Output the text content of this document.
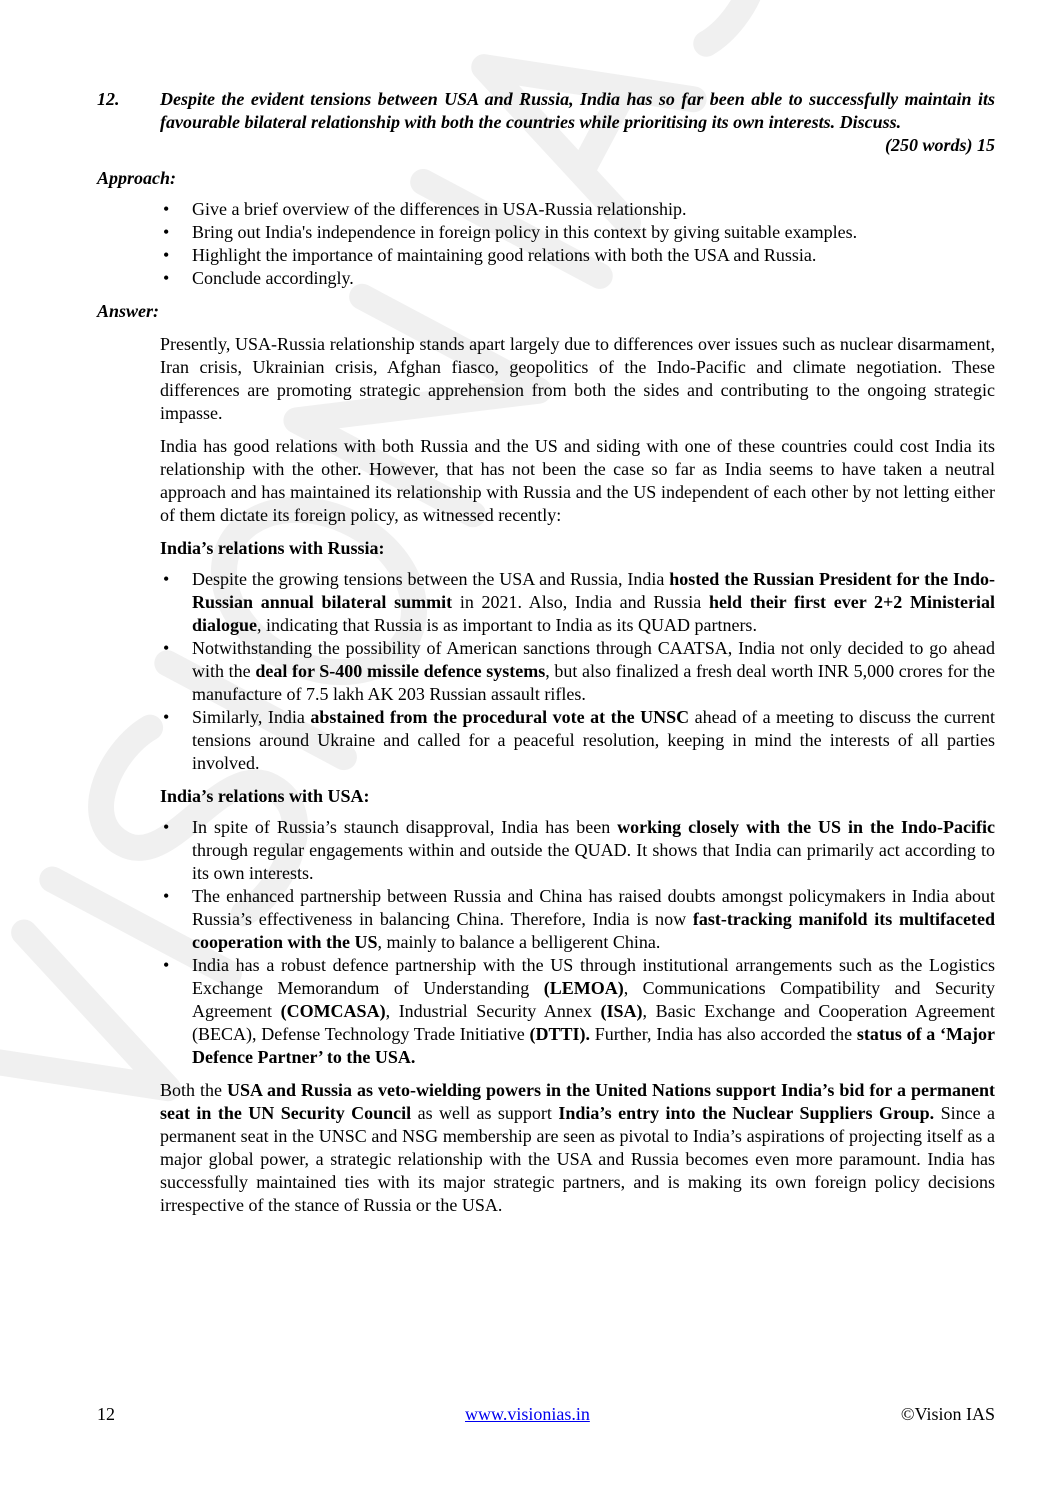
12.	Despite the evident tensions between USA and Russia, India has so far been able to successfully maintain its favourable bilateral relationship with both the countries while prioritising its own interests. Discuss.
(250 words) 15
Approach:
• Give a brief overview of the differences in USA-Russia relationship.
• Bring out India's independence in foreign policy in this context by giving suitable examples.
• Highlight the importance of maintaining good relations with both the USA and Russia.
• Conclude accordingly.
Answer:
Presently, USA-Russia relationship stands apart largely due to differences over issues such as nuclear disarmament, Iran crisis, Ukrainian crisis, Afghan fiasco, geopolitics of the Indo-Pacific and climate negotiation. These differences are promoting strategic apprehension from both the sides and contributing to the ongoing strategic impasse.
India has good relations with both Russia and the US and siding with one of these countries could cost India its relationship with the other. However, that has not been the case so far as India seems to have taken a neutral approach and has maintained its relationship with Russia and the US independent of each other by not letting either of them dictate its foreign policy, as witnessed recently:
India’s relations with Russia:
• Despite the growing tensions between the USA and Russia, India hosted the Russian President for the Indo-Russian annual bilateral summit in 2021. Also, India and Russia held their first ever 2+2 Ministerial dialogue, indicating that Russia is as important to India as its QUAD partners.
• Notwithstanding the possibility of American sanctions through CAATSA, India not only decided to go ahead with the deal for S-400 missile defence systems, but also finalized a fresh deal worth INR 5,000 crores for the manufacture of 7.5 lakh AK 203 Russian assault rifles.
• Similarly, India abstained from the procedural vote at the UNSC ahead of a meeting to discuss the current tensions around Ukraine and called for a peaceful resolution, keeping in mind the interests of all parties involved.
India’s relations with USA:
• In spite of Russia’s staunch disapproval, India has been working closely with the US in the Indo-Pacific through regular engagements within and outside the QUAD. It shows that India can primarily act according to its own interests.
• The enhanced partnership between Russia and China has raised doubts amongst policymakers in India about Russia’s effectiveness in balancing China. Therefore, India is now fast-tracking manifold its multifaceted cooperation with the US, mainly to balance a belligerent China.
• India has a robust defence partnership with the US through institutional arrangements such as the Logistics Exchange Memorandum of Understanding (LEMOA), Communications Compatibility and Security Agreement (COMCASA), Industrial Security Annex (ISA), Basic Exchange and Cooperation Agreement (BECA), Defense Technology Trade Initiative (DTTI). Further, India has also accorded the status of a ‘Major Defence Partner’ to the USA.
Both the USA and Russia as veto-wielding powers in the United Nations support India’s bid for a permanent seat in the UN Security Council as well as support India’s entry into the Nuclear Suppliers Group. Since a permanent seat in the UNSC and NSG membership are seen as pivotal to India’s aspirations of projecting itself as a major global power, a strategic relationship with the USA and Russia becomes even more paramount. India has successfully maintained ties with its major strategic partners, and is making its own foreign policy decisions irrespective of the stance of Russia or the USA.
12	www.visionias.in	©Vision IAS
